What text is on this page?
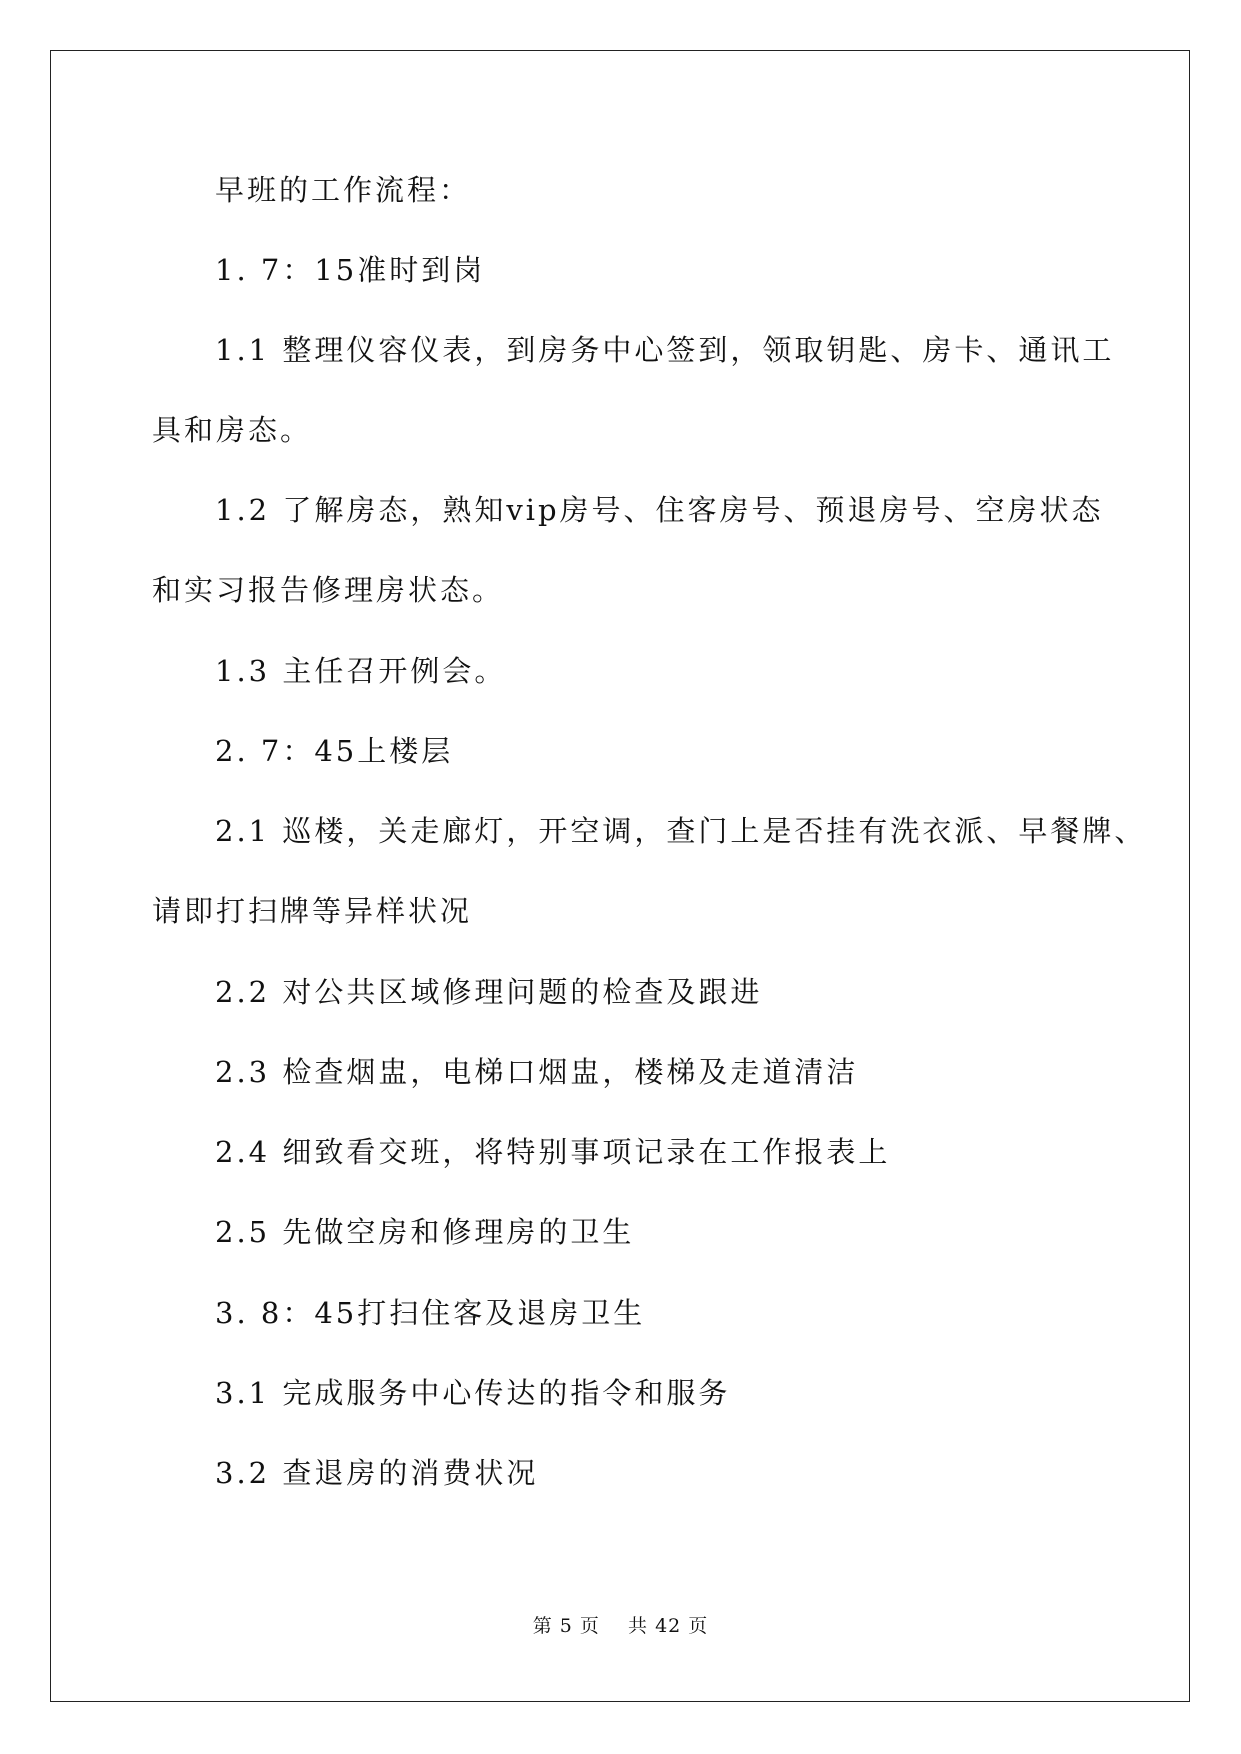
早班的工作流程：
1. 7：15准时到岗
1.1 整理仪容仪表，到房务中心签到，领取钥匙、房卡、通讯工
具和房态。
1.2 了解房态，熟知vip房号、住客房号、预退房号、空房状态
和实习报告修理房状态。
1.3 主任召开例会。
2. 7：45上楼层
2.1 巡楼，关走廊灯，开空调，查门上是否挂有洗衣派、早餐牌、
请即打扫牌等异样状况
2.2 对公共区域修理问题的检查及跟进
2.3 检查烟盅，电梯口烟盅，楼梯及走道清洁
2.4 细致看交班，将特别事项记录在工作报表上
2.5 先做空房和修理房的卫生
3. 8：45打扫住客及退房卫生
3.1 完成服务中心传达的指令和服务
3.2 查退房的消费状况
第 5 页    共 42 页
